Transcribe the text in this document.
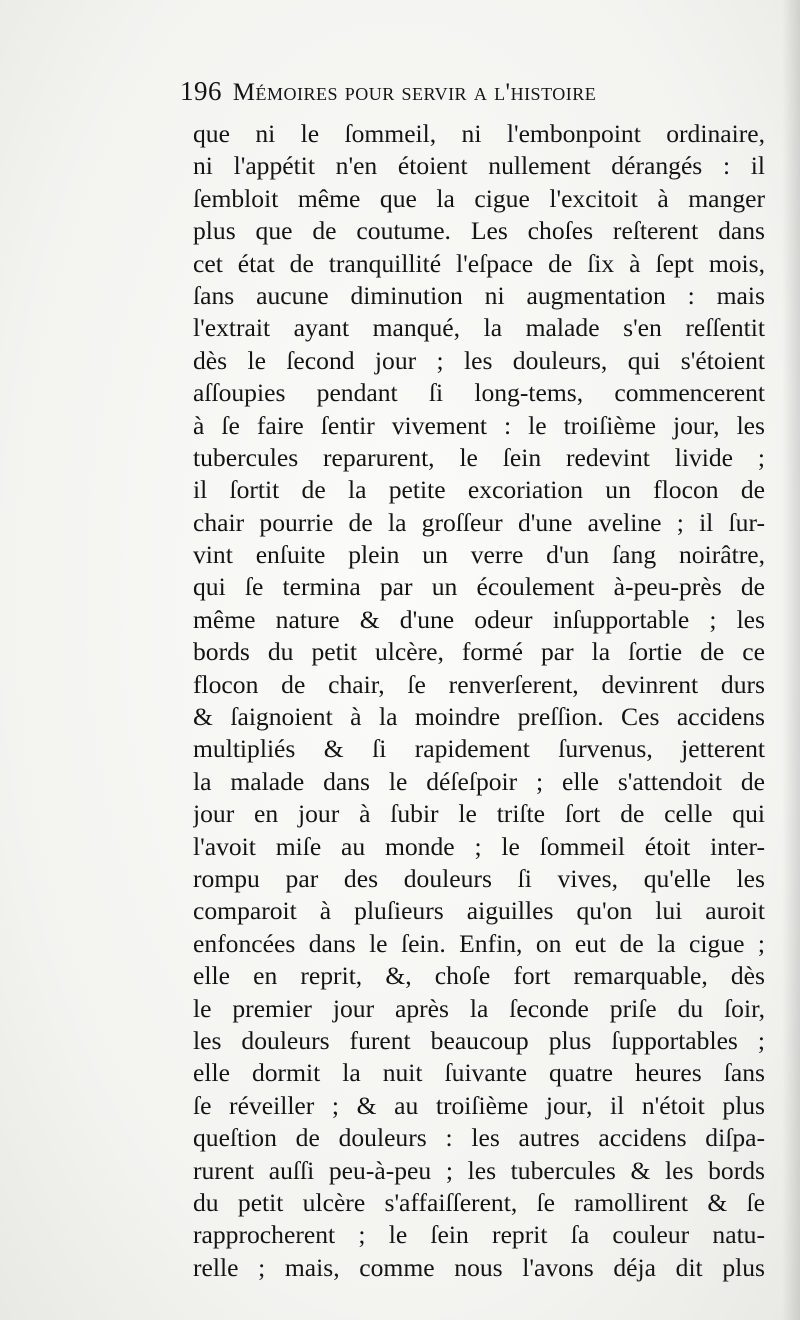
196 Mémoires pour servir a l'histoire
que ni le ſommeil, ni l'embonpoint ordinaire,
ni l'appétit n'en étoient nullement dérangés : il
ſembloit même que la cigue l'excitoit à manger
plus que de coutume. Les choſes reſterent dans
cet état de tranquillité l'eſpace de ſix à ſept mois,
ſans aucune diminution ni augmentation : mais
l'extrait ayant manqué, la malade s'en reſſentit
dès le ſecond jour ; les douleurs, qui s'étoient
aſſoupies pendant ſi long-tems, commencerent
à ſe faire ſentir vivement : le troiſième jour, les
tubercules reparurent, le ſein redevint livide ;
il ſortit de la petite excoriation un flocon de
chair pourrie de la groſſeur d'une aveline ; il ſur-
vint enſuite plein un verre d'un ſang noirâtre,
qui ſe termina par un écoulement à-peu-près de
même nature & d'une odeur inſupportable ; les
bords du petit ulcère, formé par la ſortie de ce
flocon de chair, ſe renverſerent, devinrent durs
& ſaignoient à la moindre preſſion. Ces accidens
multipliés & ſi rapidement ſurvenus, jetterent
la malade dans le déſeſpoir ; elle s'attendoit de
jour en jour à ſubir le triſte ſort de celle qui
l'avoit miſe au monde ; le ſommeil étoit inter-
rompu par des douleurs ſi vives, qu'elle les
comparoit à pluſieurs aiguilles qu'on lui auroit
enfoncées dans le ſein. Enfin, on eut de la cigue ;
elle en reprit, &, choſe fort remarquable, dès
le premier jour après la ſeconde priſe du ſoir,
les douleurs furent beaucoup plus ſupportables ;
elle dormit la nuit ſuivante quatre heures ſans
ſe réveiller ; & au troiſième jour, il n'étoit plus
queſtion de douleurs : les autres accidens diſpa-
rurent auſſi peu-à-peu ; les tubercules & les bords
du petit ulcère s'affaiſſerent, ſe ramollirent & ſe
rapprocherent ; le ſein reprit ſa couleur natu-
relle ; mais, comme nous l'avons déja dit plus
